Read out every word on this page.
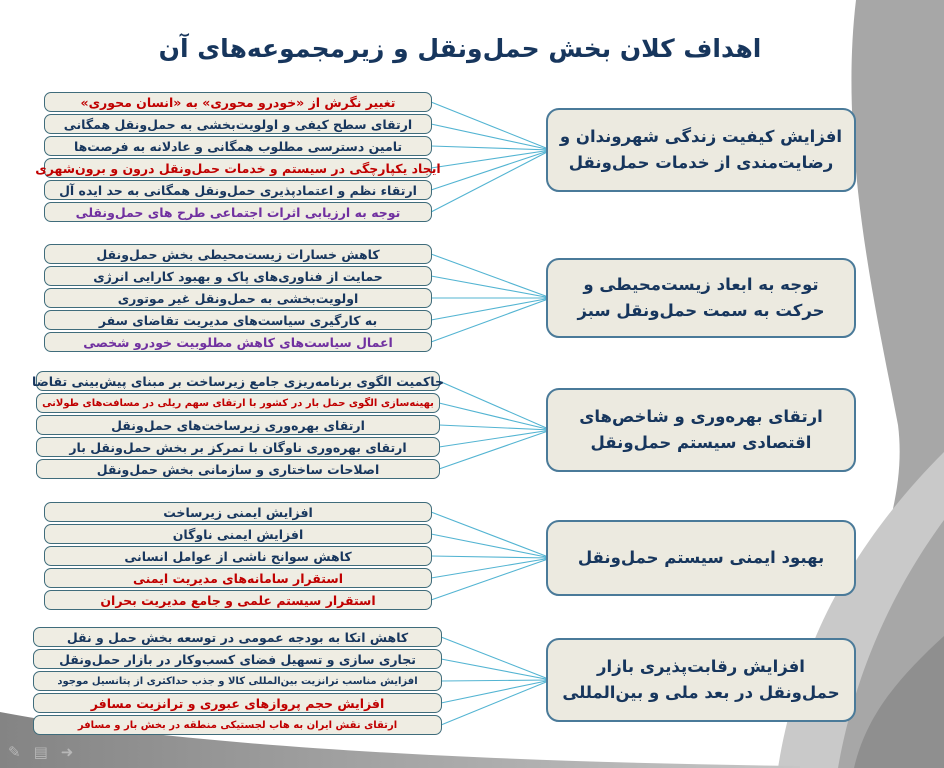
اهداف کلان بخش حمل‌ونقل و زیرمجموعه‌های آن
تغییر نگرش از «خودرو محوری» به «انسان محوری»
ارتقای سطح کیفی و اولویت‌بخشی به حمل‌ونقل همگانی
تامین دسترسی مطلوب همگانی و عادلانه به فرصت‌ها
ایجاد یکپارچگی در سیستم و خدمات حمل‌ونقل درون و برون‌شهری
ارتقاء نظم و اعتمادپذیری حمل‌ونقل همگانی به حد ایده آل
توجه به ارزیابی اثرات اجتماعی طرح های حمل‌ونقلی
افزایش کیفیت زندگی شهروندان و رضایت‌مندی از خدمات حمل‌ونقل
کاهش خسارات زیست‌محیطی بخش حمل‌ونقل
حمایت از فناوری‌های پاک و بهبود کارایی انرژی
اولویت‌بخشی به حمل‌ونقل غیر موتوری
به کارگیری سیاست‌های مدیریت تقاضای سفر
اعمال سیاست‌های کاهش مطلوبیت خودرو شخصی
توجه به ابعاد زیست‌محیطی و حرکت به سمت حمل‌ونقل سبز
حاکمیت الگوی برنامه‌ریزی جامع زیرساخت بر مبنای پیش‌بینی تقاضا
بهینه‌سازی الگوی حمل بار در کشور با ارتقای سهم ریلی در مسافت‌های طولانی
ارتقای بهره‌وری زیرساخت‌های حمل‌ونقل
ارتقای بهره‌وری ناوگان با تمرکز بر بخش حمل‌ونقل بار
اصلاحات ساختاری و سازمانی بخش حمل‌ونقل
ارتقای بهره‌وری و شاخص‌های اقتصادی سیستم حمل‌ونقل
افزایش ایمنی زیرساخت
افزایش ایمنی ناوگان
کاهش سوانح ناشی از عوامل انسانی
استقرار سامانه‌های مدیریت ایمنی
استقرار سیستم علمی و جامع مدیریت بحران
بهبود ایمنی سیستم حمل‌ونقل
کاهش اتکا به بودجه عمومی در توسعه بخش حمل و نقل
تجاری سازی و تسهیل فضای کسب‌وکار در بازار حمل‌ونقل
افزایش مناسب ترانزیت بین‌المللی کالا و جذب حداکثری از پتانسیل موجود
افزایش حجم پروازهای عبوری و ترانزیت مسافر
ارتقای نقش ایران به هاب لجستیکی منطقه در بخش بار و مسافر
افزایش رقابت‌پذیری بازار حمل‌ونقل در بعد ملی و بین‌المللی
✎ ▤ ➜
